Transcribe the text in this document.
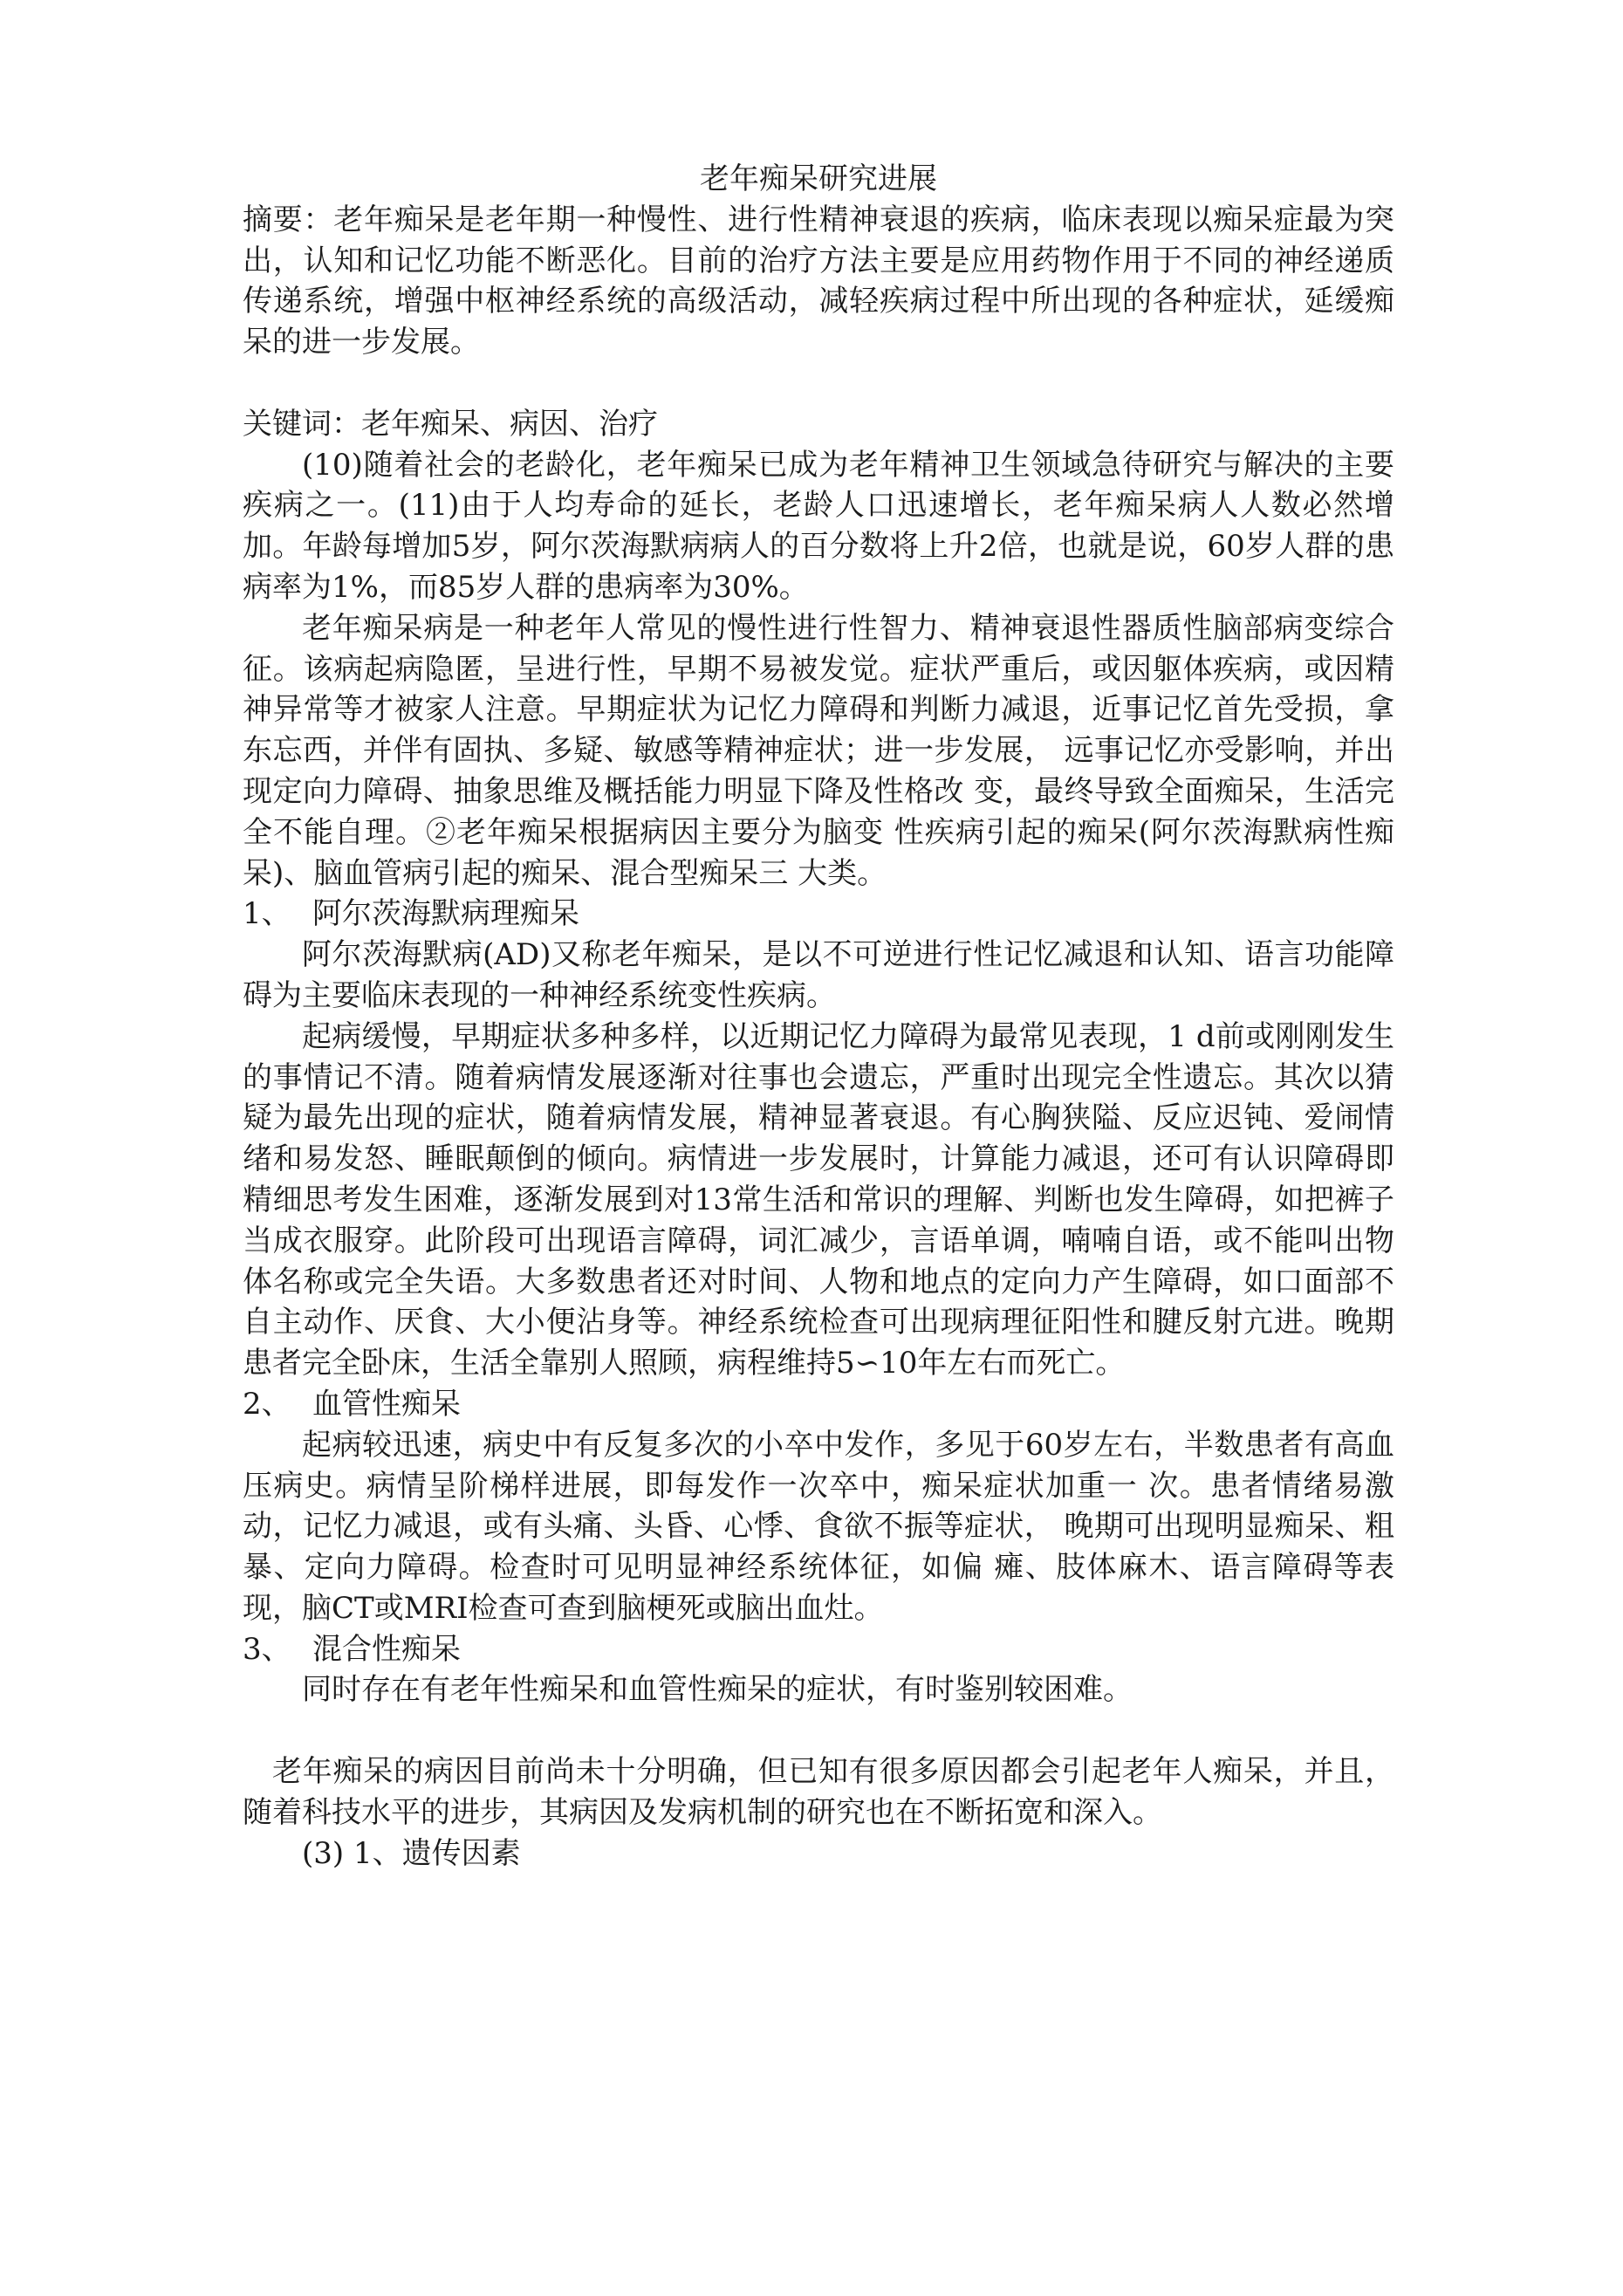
老年痴呆研究进展

摘要：老年痴呆是老年期一种慢性、进行性精神衰退的疾病，临床表现以痴呆症最为突出，认知和记忆功能不断恶化。目前的治疗方法主要是应用药物作用于不同的神经递质传递系统，增强中枢神经系统的高级活动，减轻疾病过程中所出现的各种症状，延缓痴呆的进一步发展。

关键词：老年痴呆、病因、治疗

(10)随着社会的老龄化，老年痴呆已成为老年精神卫生领域急待研究与解决的主要疾病之一。(11)由于人均寿命的延长，老龄人口迅速增长，老年痴呆病人人数必然增加。年龄每增加5岁，阿尔茨海默病病人的百分数将上升2倍，也就是说，60岁人群的患病率为1%，而85岁人群的患病率为30%。

老年痴呆病是一种老年人常见的慢性进行性智力、精神衰退性器质性脑部病变综合征。该病起病隐匿，呈进行性，早期不易被发觉。症状严重后，或因躯体疾病，或因精神异常等才被家人注意。早期症状为记忆力障碍和判断力减退，近事记忆首先受损，拿东忘西，并伴有固执、多疑、敏感等精神症状；进一步发展， 远事记忆亦受影响，并出现定向力障碍、抽象思维及概括能力明显下降及性格改 变，最终导致全面痴呆，生活完全不能自理。②老年痴呆根据病因主要分为脑变 性疾病引起的痴呆(阿尔茨海默病性痴呆)、脑血管病引起的痴呆、混合型痴呆三 大类。

1、 阿尔茨海默病理痴呆

阿尔茨海默病(AD)又称老年痴呆，是以不可逆进行性记忆减退和认知、语言功能障碍为主要临床表现的一种神经系统变性疾病。

起病缓慢，早期症状多种多样，以近期记忆力障碍为最常见表现，1 d前或刚刚发生的事情记不清。随着病情发展逐渐对往事也会遗忘，严重时出现完全性遗忘。其次以猜疑为最先出现的症状，随着病情发展，精神显著衰退。有心胸狭隘、反应迟钝、爱闹情绪和易发怒、睡眠颠倒的倾向。病情进一步发展时，计算能力减退，还可有认识障碍即精细思考发生困难，逐渐发展到对13常生活和常识的理解、判断也发生障碍，如把裤子当成衣服穿。此阶段可出现语言障碍，词汇减少，言语单调，喃喃自语，或不能叫出物体名称或完全失语。大多数患者还对时间、人物和地点的定向力产生障碍，如口面部不自主动作、厌食、大小便沾身等。神经系统检查可出现病理征阳性和腱反射亢进。晚期患者完全卧床，生活全靠别人照顾，病程维持5∽10年左右而死亡。

2、 血管性痴呆

起病较迅速，病史中有反复多次的小卒中发作，多见于60岁左右，半数患者有高血压病史。病情呈阶梯样进展，即每发作一次卒中，痴呆症状加重一 次。患者情绪易激动，记忆力减退，或有头痛、头昏、心悸、食欲不振等症状， 晚期可出现明显痴呆、粗暴、定向力障碍。检查时可见明显神经系统体征，如偏 瘫、肢体麻木、语言障碍等表现，脑CT或MRI检查可查到脑梗死或脑出血灶。

3、 混合性痴呆

同时存在有老年性痴呆和血管性痴呆的症状，有时鉴别较困难。

老年痴呆的病因目前尚未十分明确，但已知有很多原因都会引起老年人痴呆，并且，随着科技水平的进步，其病因及发病机制的研究也在不断拓宽和深入。

(3) 1、遗传因素
